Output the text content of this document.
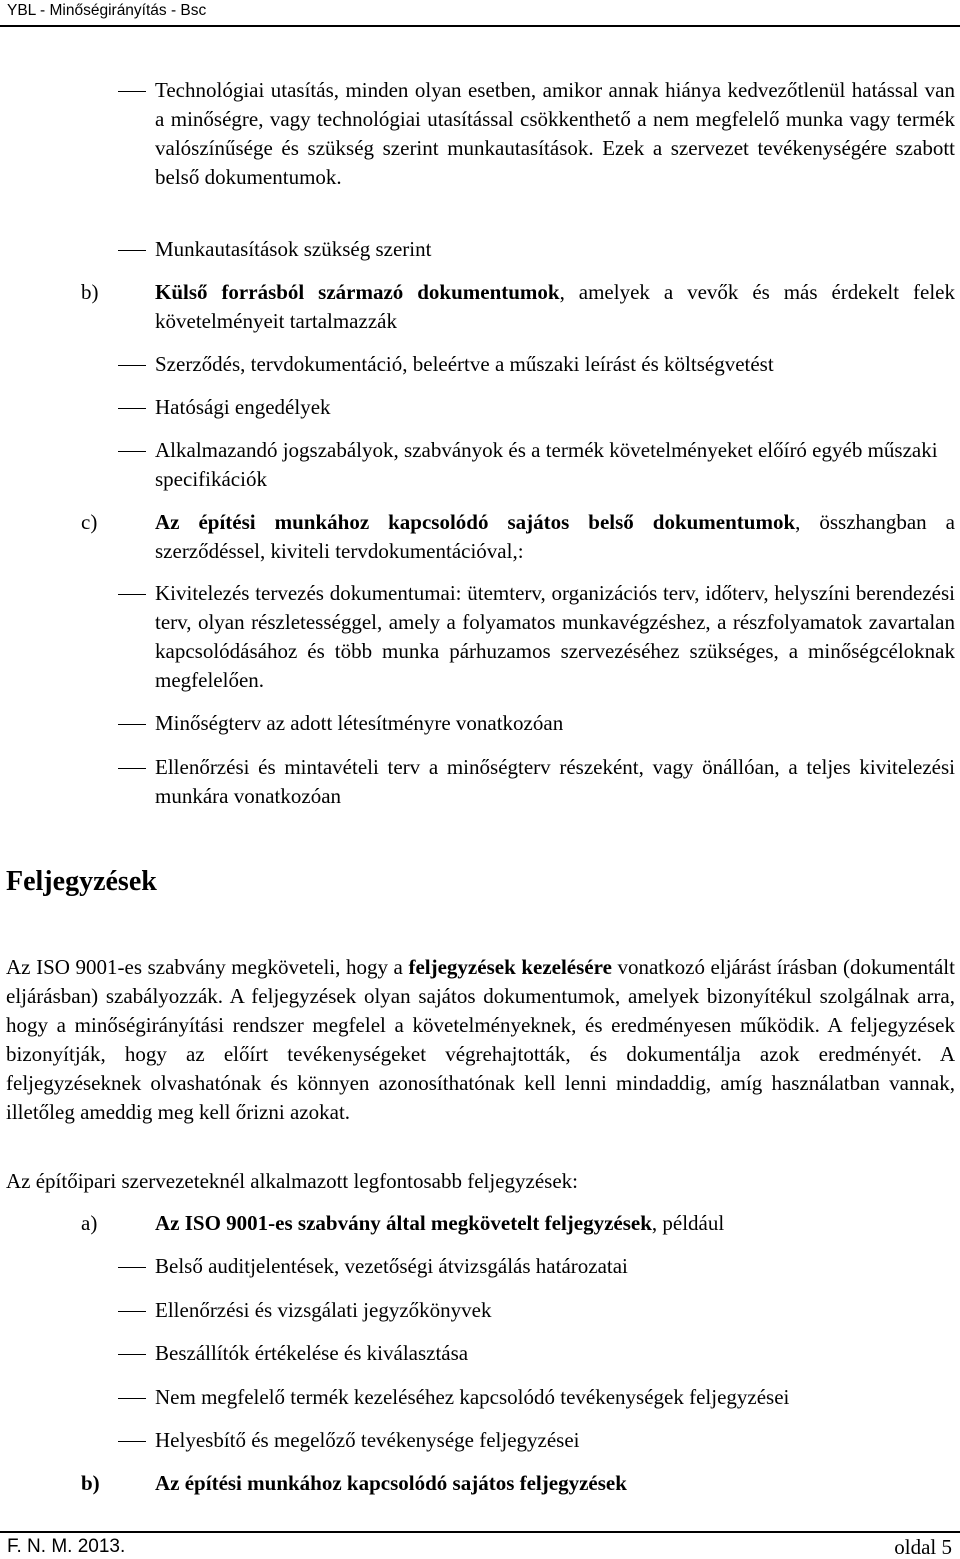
YBL - Minőségirányítás - Bsc

Technológiai utasítás, minden olyan esetben, amikor annak hiánya kedvezőtlenül hatással van a minőségre, vagy technológiai utasítással csökkenthető a nem megfelelő munka vagy termék valószínűsége és szükség szerint munkautasítások. Ezek a szervezet tevékenységére szabott belső dokumentumok.

Munkautasítások szükség szerint

b)	Külső forrásból származó dokumentumok, amelyek a vevők és más érdekelt felek követelményeit tartalmazzák

Szerződés, tervdokumentáció, beleértve a műszaki leírást és költségvetést

Hatósági engedélyek

Alkalmazandó jogszabályok, szabványok és a termék követelményeket előíró egyéb műszaki specifikációk

c)	Az építési munkához kapcsolódó sajátos belső dokumentumok, összhangban a szerződéssel, kiviteli tervdokumentációval,:

Kivitelezés tervezés dokumentumai: ütemterv, organizációs terv, időterv, helyszíni berendezési terv, olyan részletességgel, amely a folyamatos munkavégzéshez, a részfolyamatok zavartalan kapcsolódásához és több munka párhuzamos szervezéséhez szükséges, a minőségcéloknak megfelelően.

Minőségterv az adott létesítményre vonatkozóan

Ellenőrzési és mintavételi terv a minőségterv részeként, vagy önállóan, a teljes kivitelezési munkára vonatkozóan

Feljegyzések

Az ISO 9001-es szabvány megköveteli, hogy a feljegyzések kezelésére vonatkozó eljárást írásban (dokumentált eljárásban) szabályozzák. A feljegyzések olyan sajátos dokumentumok, amelyek bizonyítékul szolgálnak arra, hogy a minőségirányítási rendszer megfelel a követelményeknek, és eredményesen működik. A feljegyzések bizonyítják, hogy az előírt tevékenységeket végrehajtották, és dokumentálja azok eredményét. A feljegyzéseknek olvashatónak és könnyen azonosíthatónak kell lenni mindaddig, amíg használatban vannak, illetőleg ameddig meg kell őrizni azokat.

Az építőipari szervezeteknél alkalmazott legfontosabb feljegyzések:

a)	Az ISO 9001-es szabvány által megkövetelt feljegyzések, például

Belső auditjelentések, vezetőségi átvizsgálás határozatai

Ellenőrzési és vizsgálati jegyzőkönyvek

Beszállítók értékelése és kiválasztása

Nem megfelelő termék kezeléséhez kapcsolódó tevékenységek feljegyzései

Helyesbítő és megelőző tevékenysége feljegyzései

b)	Az építési munkához kapcsolódó sajátos feljegyzések

F. N. M. 2013.	oldal 5
